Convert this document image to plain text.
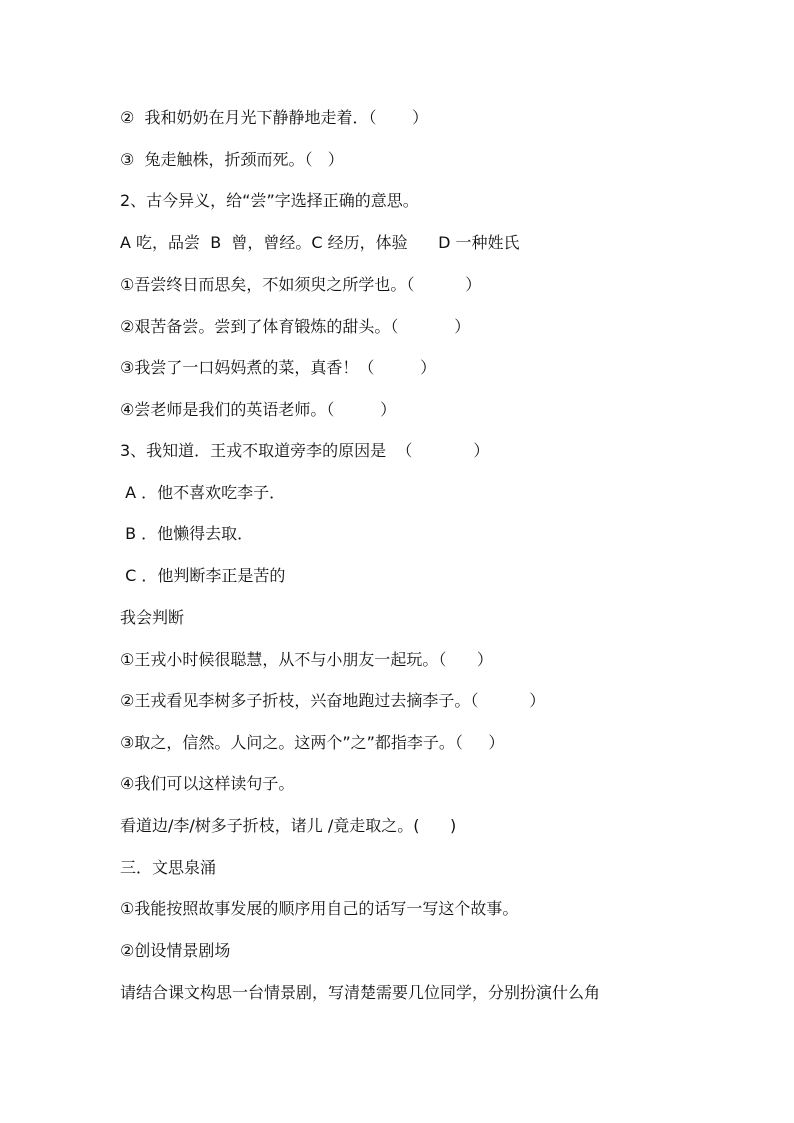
②  我和奶奶在月光下静静地走着．（       ）
③  兔走触株，折颈而死。（   ）
2、古今异义，给“尝”字选择正确的意思。
A 吃，品尝  B  曾，曾经。C 经历，体验      D 一种姓氏
①吾尝终日而思矣，不如须臾之所学也。（          ）
②艰苦备尝。尝到了体育锻炼的甜头。（           ）
③我尝了一口妈妈煮的菜，真香！（         ）
④尝老师是我们的英语老师。（         ）
3、我知道．王戎不取道旁李的原因是  （            ）
A ．他不喜欢吃李子．
B ．他懒得去取．
C ．他判断李正是苦的
我会判断
①王戎小时候很聪慧，从不与小朋友一起玩。（      ）
②王戎看见李树多子折枝，兴奋地跑过去摘李子。（          ）
③取之，信然。人问之。这两个”之”都指李子。（     ）
④我们可以这样读句子。
看道边/李/树多子折枝，诸儿 /竟走取之。(      )
三．文思泉涌
①我能按照故事发展的顺序用自己的话写一写这个故事。
②创设情景剧场
请结合课文构思一台情景剧，写清楚需要几位同学，分别扮演什么角
